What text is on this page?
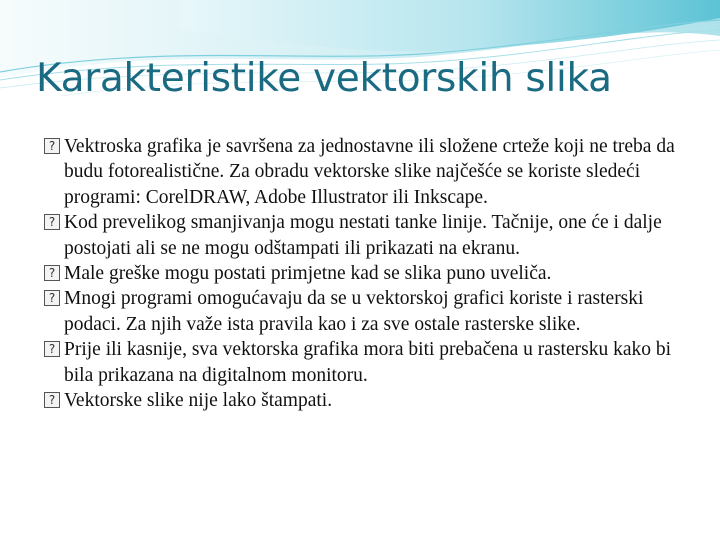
Karakteristike vektorskih slika
? Vektroska grafika je savršena za jednostavne ili složene crteže koji ne treba da budu fotorealistične. Za obradu vektorske slike najčešće se koriste sledeći programi: CorelDRAW, Adobe Illustrator ili Inkscape.
? Kod prevelikog smanjivanja mogu nestati tanke linije. Tačnije, one će i dalje postojati ali se ne mogu odštampati ili prikazati na ekranu.
? Male greške mogu postati primjetne kad se slika puno uveliča.
? Mnogi programi omogućavaju da se u vektorskoj grafici koriste i rasterski podaci. Za njih važe ista pravila kao i za sve ostale rasterske slike.
? Prije ili kasnije, sva vektorska grafika mora biti prebačena u rastersku kako bi bila prikazana na digitalnom monitoru.
? Vektorske slike nije lako štampati.
